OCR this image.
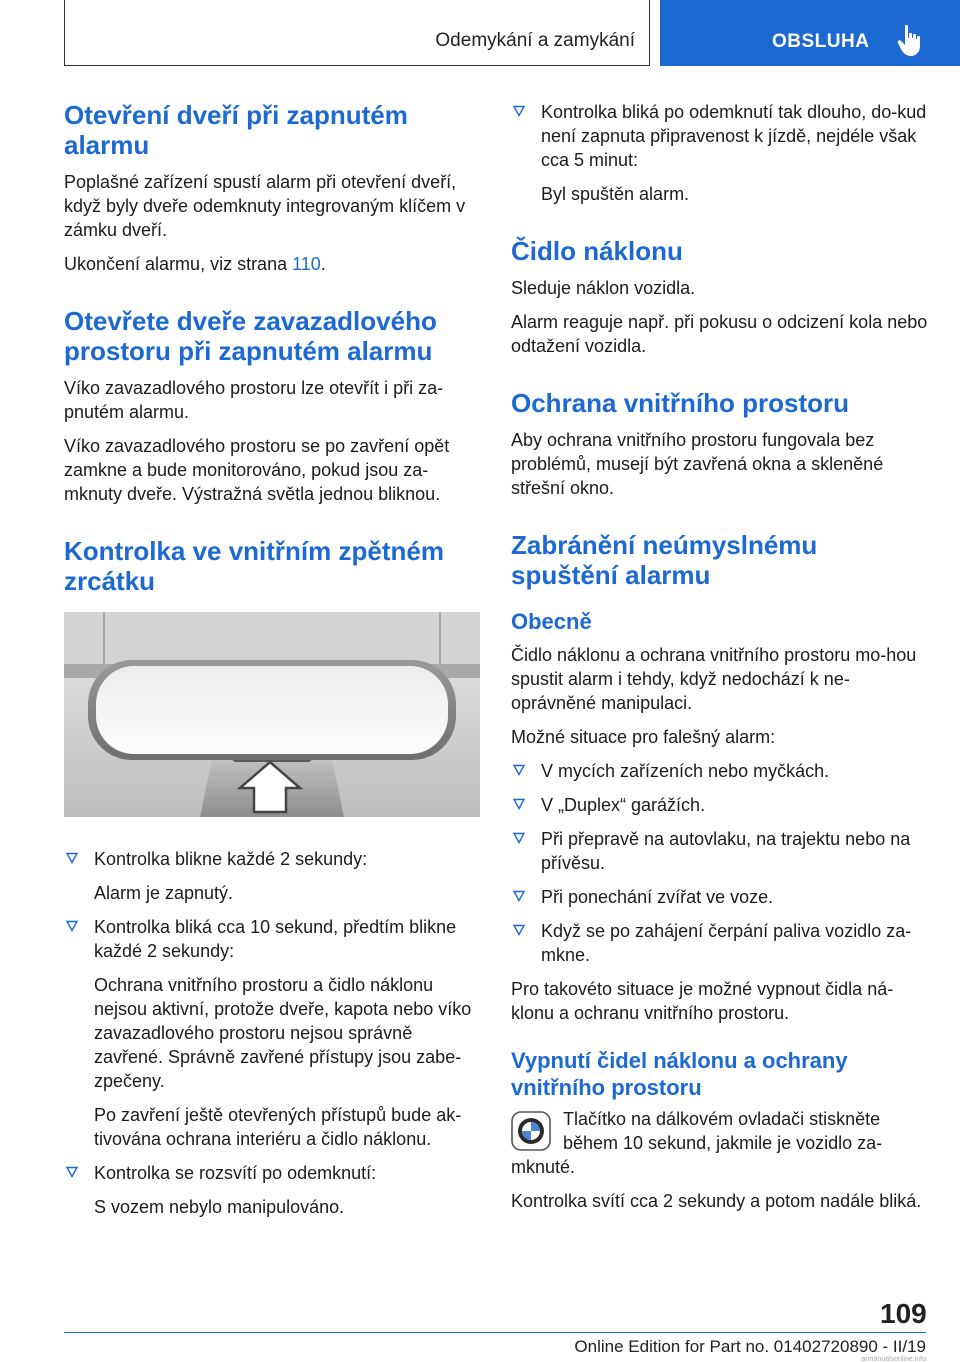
Odemykání a zamykání	OBSLUHA
Otevření dveří při zapnutém alarmu

Poplašné zařízení spustí alarm při otevření dveří, když byly dveře odemknuty integrovaným klíčem v zámku dveří.

Ukončení alarmu, viz strana 110.

Otevřete dveře zavazadlového prostoru při zapnutém alarmu

Víko zavazadlového prostoru lze otevřít i při za-pnutém alarmu.

Víko zavazadlového prostoru se po zavření opět zamkne a bude monitorováno, pokud jsou za-mknuty dveře. Výstražná světla jednou bliknou.

Kontrolka ve vnitřním zpětném zrcátku
Kontrolka blikne každé 2 sekundy:
Alarm je zapnutý.
Kontrolka bliká cca 10 sekund, předtím blikne každé 2 sekundy:
Ochrana vnitřního prostoru a čidlo náklonu nejsou aktivní, protože dveře, kapota nebo víko zavazadlového prostoru nejsou správně zavřené. Správně zavřené přístupy jsou zabe-zpečeny.
Po zavření ještě otevřených přístupů bude ak-tivována ochrana interiéru a čidlo náklonu.
Kontrolka se rozsvítí po odemknutí:
S vozem nebylo manipulováno.
Kontrolka bliká po odemknutí tak dlouho, do-kud není zapnuta připravenost k jízdě, nejdéle však cca 5 minut:
Byl spuštěn alarm.
Čidlo náklonu

Sleduje náklon vozidla.

Alarm reaguje např. při pokusu o odcizení kola nebo odtažení vozidla.

Ochrana vnitřního prostoru

Aby ochrana vnitřního prostoru fungovala bez problémů, musejí být zavřená okna a skleněné střešní okno.

Zabránění neúmyslnému spuštění alarmu
Obecně

Čidlo náklonu a ochrana vnitřního prostoru mo-hou spustit alarm i tehdy, když nedochází k ne-oprávněné manipulaci.

Možné situace pro falešný alarm:

V mycích zařízeních nebo myčkách.
V „Duplex“ garážích.
Při přepravě na autovlaku, na trajektu nebo na přívěsu.
Při ponechání zvířat ve voze.
Když se po zahájení čerpání paliva vozidlo za-mkne.

Pro takovéto situace je možné vypnout čidla ná-klonu a ochranu vnitřního prostoru.

Vypnutí čidel náklonu a ochrany vnitřního prostoru

Tlačítko na dálkovém ovladači stiskněte během 10 sekund, jakmile je vozidlo za-mknuté.

Kontrolka svítí cca 2 sekundy a potom nadále bliká.

109
Online Edition for Part no. 01402720890 - II/19
armanualsonline.info
